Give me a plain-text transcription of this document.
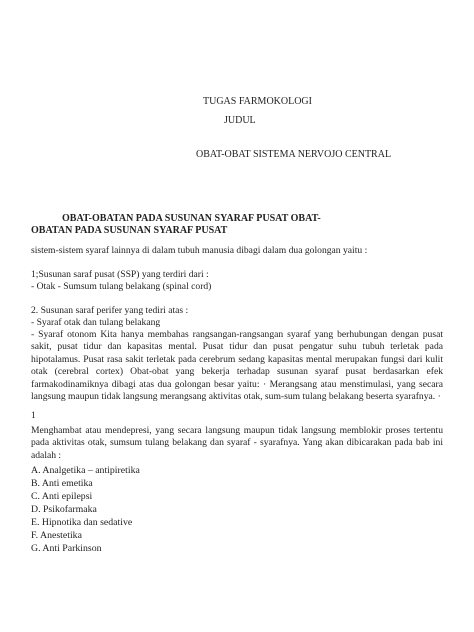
TUGAS FARMOKOLOGI
JUDUL
OBAT-OBAT SISTEMA NERVOJO CENTRAL
OBAT-OBATAN PADA SUSUNAN SYARAF PUSAT OBAT-
OBATAN PADA SUSUNAN SYARAF PUSAT
sistem-sistem syaraf lainnya di dalam tubuh manusia dibagi dalam dua golongan yaitu :
1;Susunan saraf pusat (SSP) yang terdiri dari :
- Otak - Sumsum tulang belakang (spinal cord)
2. Susunan saraf perifer yang tediri atas :
- Syaraf otak dan tulang belakang
- Syaraf otonom Kita hanya membahas rangsangan-rangsangan syaraf yang berhubungan dengan pusat sakit, pusat tidur dan kapasitas mental. Pusat tidur dan pusat pengatur suhu tubuh terletak pada hipotalamus. Pusat rasa sakit terletak pada cerebrum sedang kapasitas mental merupakan fungsi dari kulit otak (cerebral cortex) Obat-obat yang bekerja terhadap susunan syaraf pusat berdasarkan efek farmakodinamiknya dibagi atas dua golongan besar yaitu: · Merangsang atau menstimulasi, yang secara langsung maupun tidak langsung merangsang aktivitas otak, sum-sum tulang belakang beserta syarafnya. ·
1
Menghambat atau mendepresi, yang secara langsung maupun tidak langsung memblokir proses tertentu pada aktivitas otak, sumsum tulang belakang dan syaraf - syarafnya. Yang akan dibicarakan pada bab ini adalah :
A. Analgetika – antipiretika
B. Anti emetika
C. Anti epilepsi
D. Psikofarmaka
E. Hipnotika dan sedative
F. Anestetika
G. Anti Parkinson
